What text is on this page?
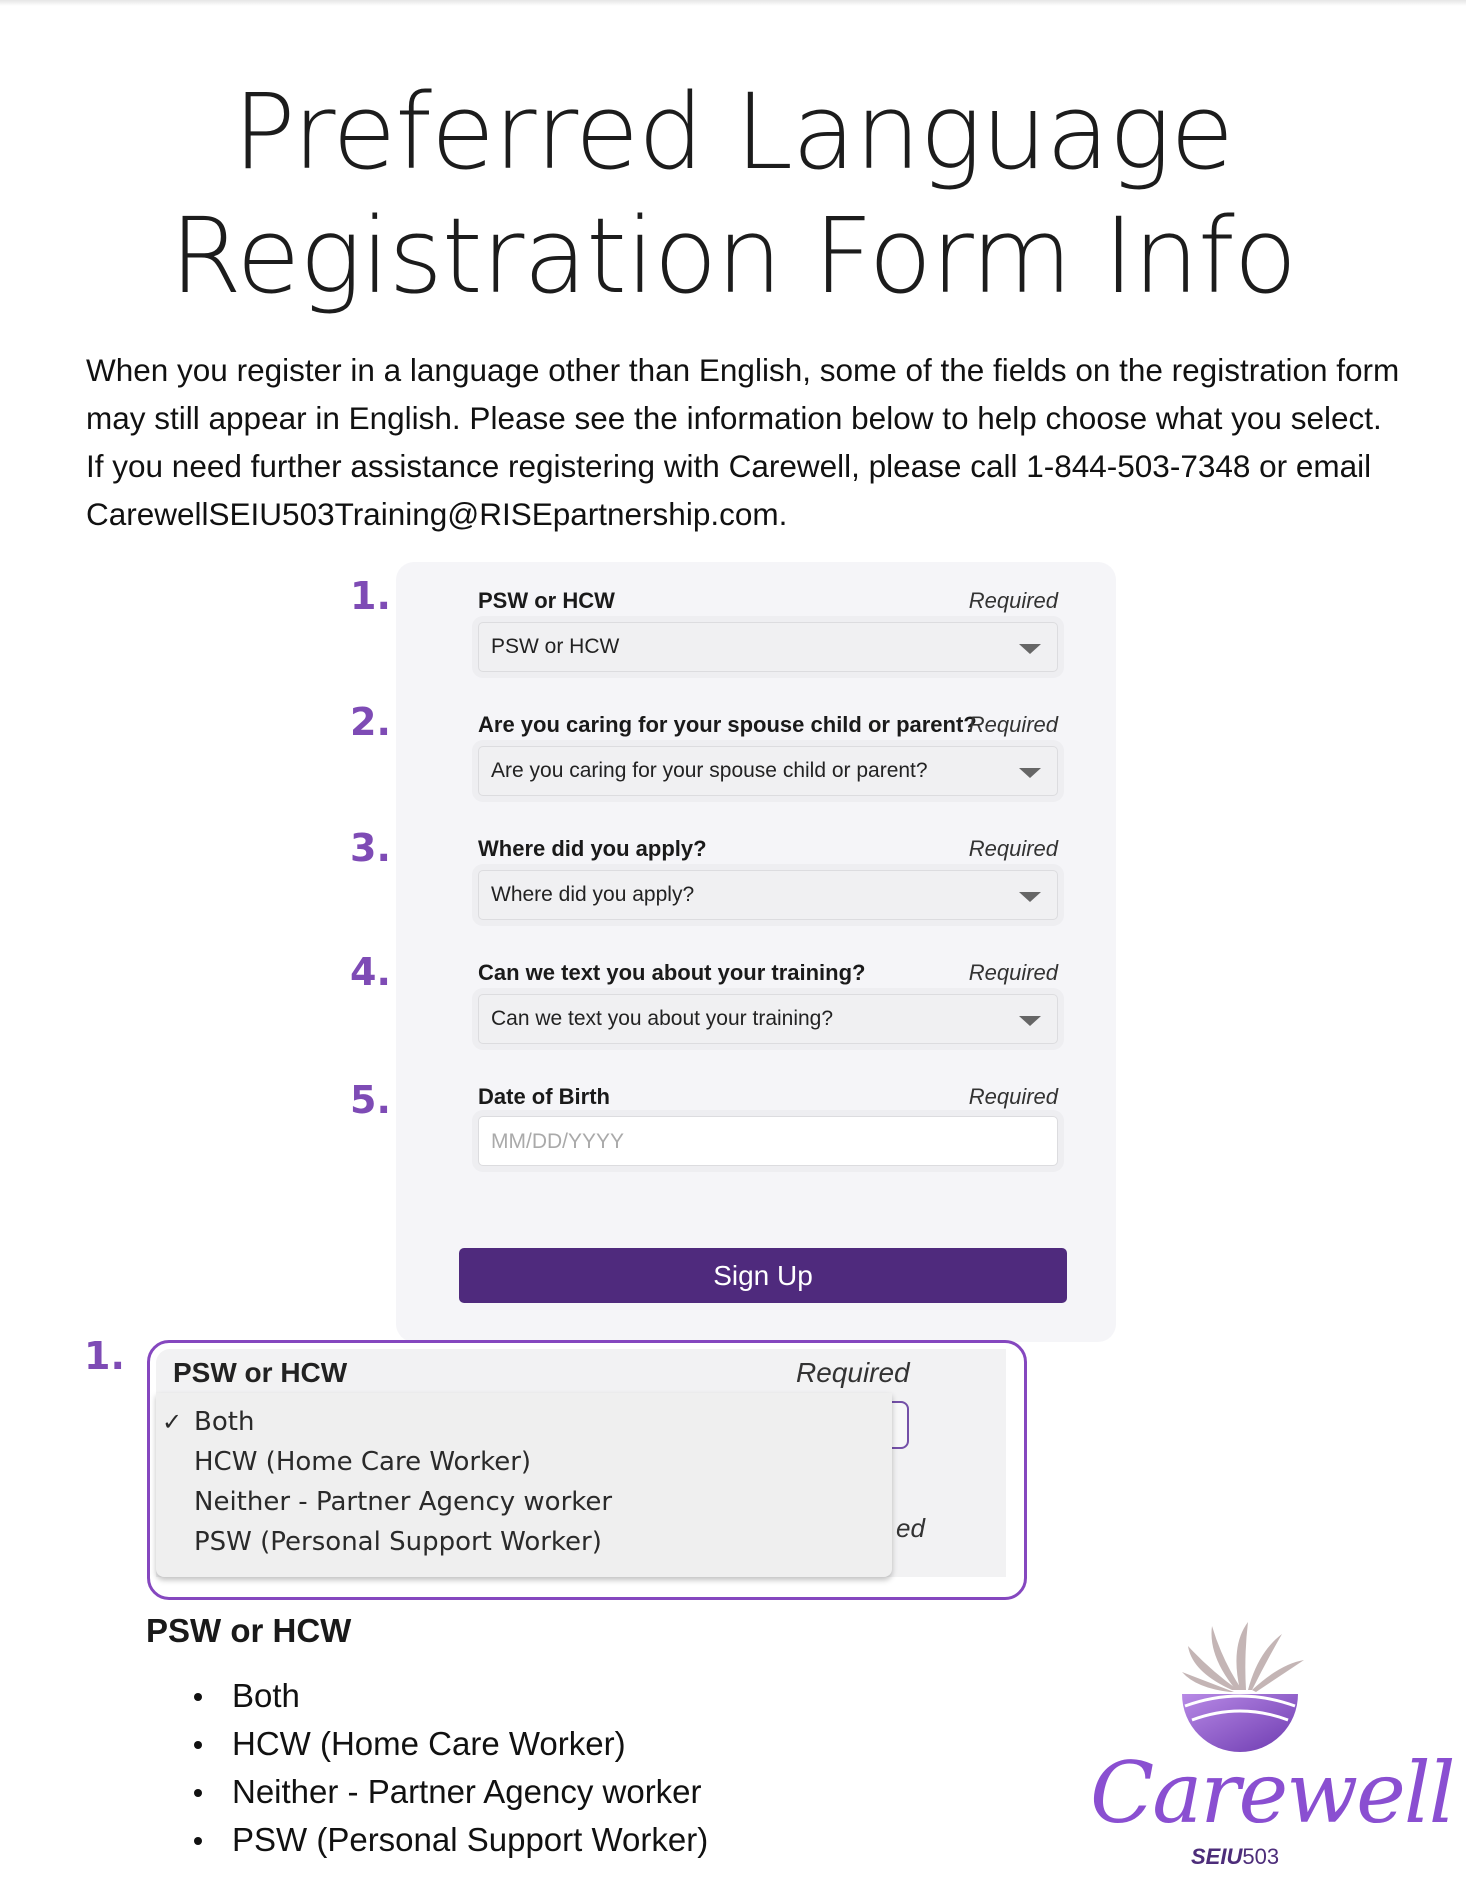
Preferred Language
Registration Form Info

When you register in a language other than English, some of the fields on the registration form may still appear in English. Please see the information below to help choose what you select. If you need further assistance registering with Carewell, please call 1-844-503-7348 or email CarewellSEIU503Training@RISEpartnership.com.

1.	PSW or HCW	Required
PSW or HCW
2.	Are you caring for your spouse child or parent?
Required
Are you caring for your spouse child or parent?
3.	Where did you apply?	Required
Where did you apply?
4.	Can we text you about your training?	Required
Can we text you about your training?
5.	Date of Birth	Required
MM/DD/YYYY
Sign Up
1. PSW or HCW	Required
ed
✓ Both
HCW (Home Care Worker)
Neither - Partner Agency worker
PSW (Personal Support Worker)
PSW or HCW
Both
HCW (Home Care Worker)
Neither - Partner Agency worker
PSW (Personal Support Worker)	Carewell
SEIU503
